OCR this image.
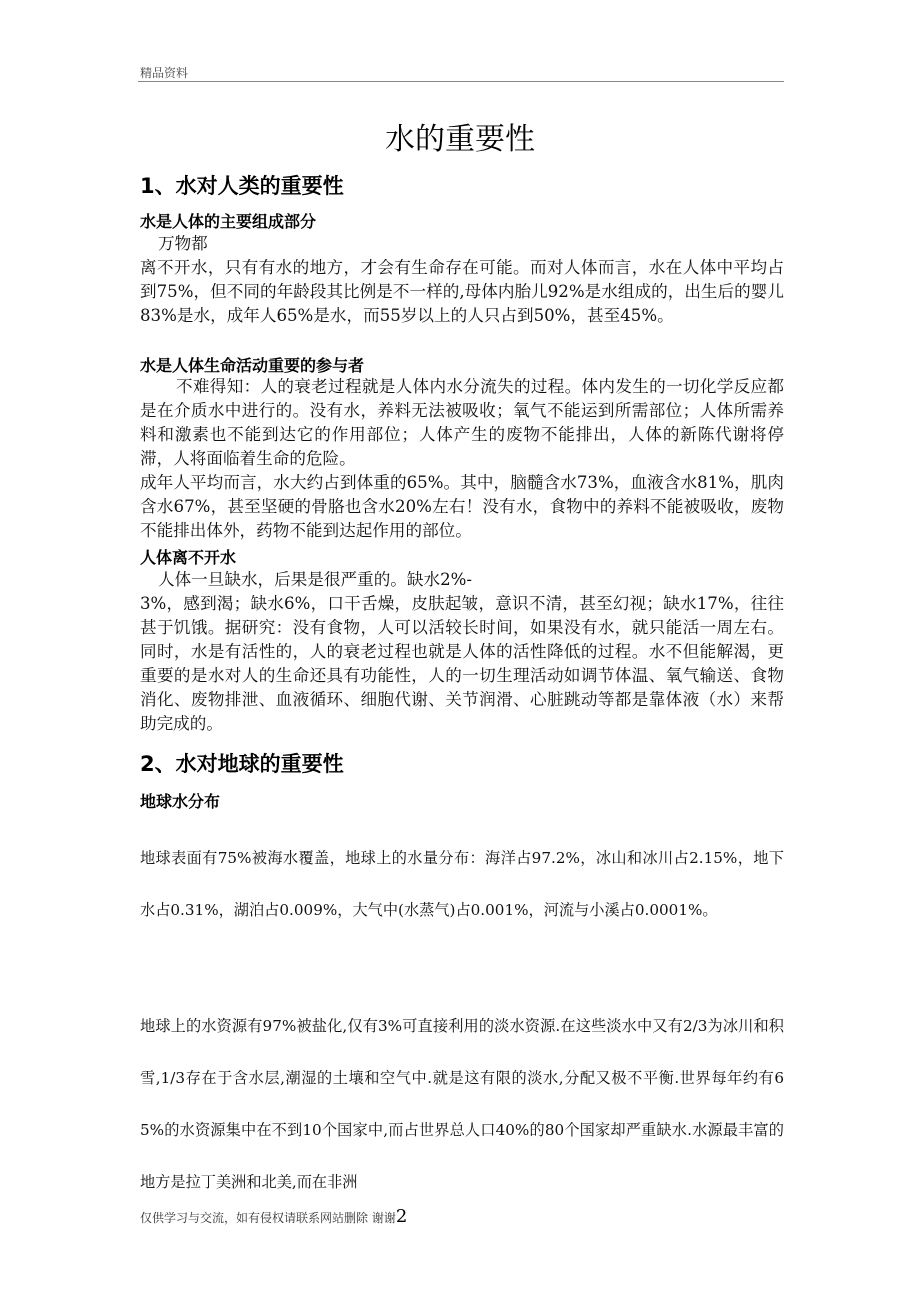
精品资料
水的重要性
1、水对人类的重要性
水是人体的主要组成部分
万物都
离不开水，只有有水的地方，才会有生命存在可能。而对人体而言，水在人体中平均占到75%，但不同的年龄段其比例是不一样的,母体内胎儿92%是水组成的，出生后的婴儿83%是水，成年人65%是水，而55岁以上的人只占到50%，甚至45%。
水是人体生命活动重要的参与者
不难得知：人的衰老过程就是人体内水分流失的过程。体内发生的一切化学反应都是在介质水中进行的。没有水，养料无法被吸收；氧气不能运到所需部位；人体所需养料和激素也不能到达它的作用部位；人体产生的废物不能排出，人体的新陈代谢将停滞，人将面临着生命的危险。
成年人平均而言，水大约占到体重的65%。其中，脑髓含水73%，血液含水81%，肌肉含水67%，甚至坚硬的骨胳也含水20%左右！没有水，食物中的养料不能被吸收，废物不能排出体外，药物不能到达起作用的部位。
人体离不开水
人体一旦缺水，后果是很严重的。缺水2%-
3%，感到渴；缺水6%，口干舌燥，皮肤起皱，意识不清，甚至幻视；缺水17%，往往甚于饥饿。据研究：没有食物，人可以活较长时间，如果没有水，就只能活一周左右。同时，水是有活性的，人的衰老过程也就是人体的活性降低的过程。水不但能解渴，更重要的是水对人的生命还具有功能性，人的一切生理活动如调节体温、氧气输送、食物消化、废物排泄、血液循环、细胞代谢、关节润滑、心脏跳动等都是靠体液（水）来帮助完成的。
2、水对地球的重要性
地球水分布
地球表面有75%被海水覆盖，地球上的水量分布：海洋占97.2%，冰山和冰川占2.15%，地下水占0.31%，湖泊占0.009%，大气中(水蒸气)占0.001%，河流与小溪占0.0001%。
地球上的水资源有97%被盐化,仅有3%可直接利用的淡水资源.在这些淡水中又有2/3为冰川和积雪,1/3存在于含水层,潮湿的土壤和空气中.就是这有限的淡水,分配又极不平衡.世界每年约有65%的水资源集中在不到10个国家中,而占世界总人口40%的80个国家却严重缺水.水源最丰富的地方是拉丁美洲和北美,而在非洲
仅供学习与交流，如有侵权请联系网站删除 谢谢2
